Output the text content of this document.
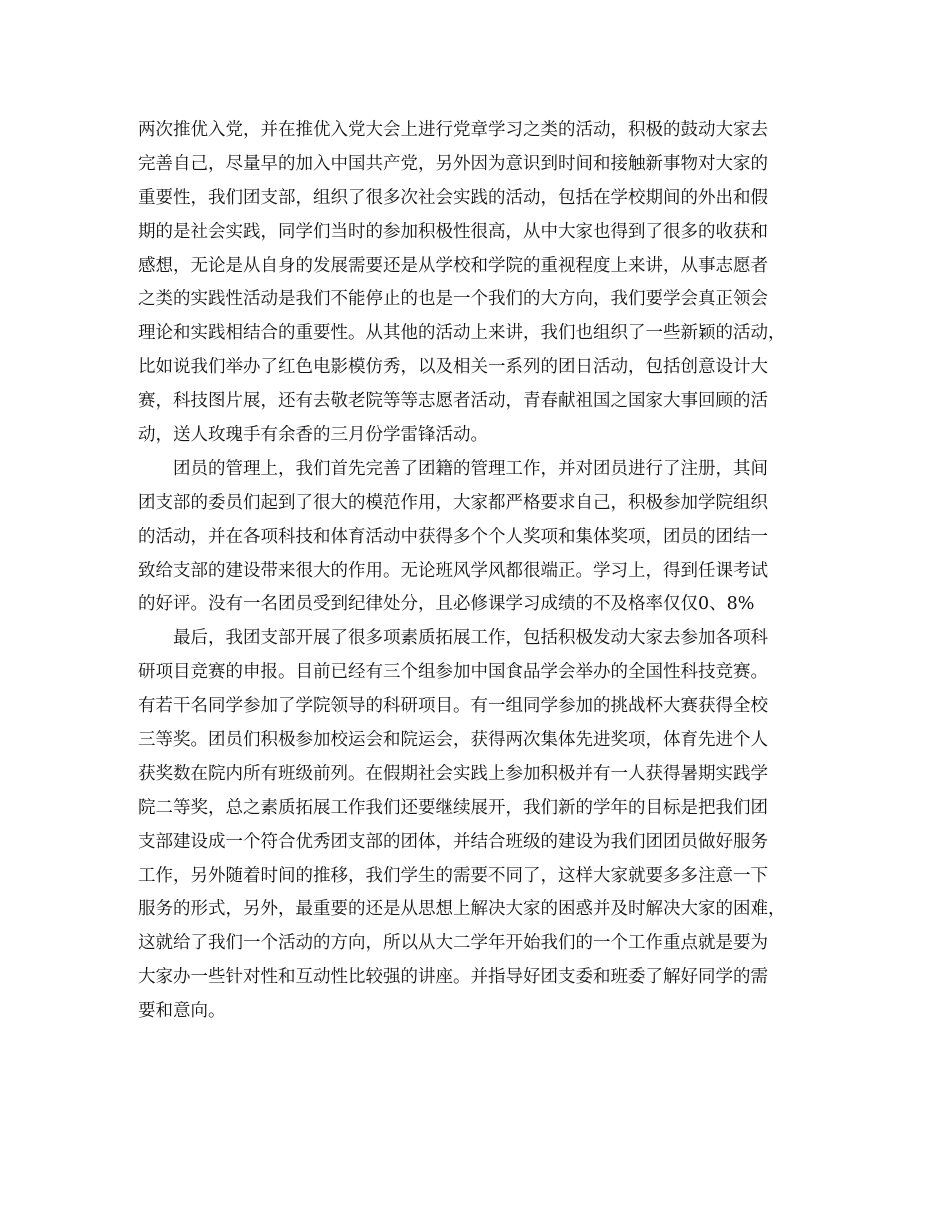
两次推优入党，并在推优入党大会上进行党章学习之类的活动，积极的鼓动大家去
完善自己，尽量早的加入中国共产党，另外因为意识到时间和接触新事物对大家的
重要性，我们团支部，组织了很多次社会实践的活动，包括在学校期间的外出和假
期的是社会实践，同学们当时的参加积极性很高，从中大家也得到了很多的收获和
感想，无论是从自身的发展需要还是从学校和学院的重视程度上来讲，从事志愿者
之类的实践性活动是我们不能停止的也是一个我们的大方向，我们要学会真正领会
理论和实践相结合的重要性。从其他的活动上来讲，我们也组织了一些新颖的活动，
比如说我们举办了红色电影模仿秀，以及相关一系列的团日活动，包括创意设计大
赛，科技图片展，还有去敬老院等等志愿者活动，青春献祖国之国家大事回顾的活
动，送人玫瑰手有余香的三月份学雷锋活动。
团员的管理上，我们首先完善了团籍的管理工作，并对团员进行了注册，其间
团支部的委员们起到了很大的模范作用，大家都严格要求自己，积极参加学院组织
的活动，并在各项科技和体育活动中获得多个个人奖项和集体奖项，团员的团结一
致给支部的建设带来很大的作用。无论班风学风都很端正。学习上，得到任课考试
的好评。没有一名团员受到纪律处分，且必修课学习成绩的不及格率仅仅0、8%
最后，我团支部开展了很多项素质拓展工作，包括积极发动大家去参加各项科
研项目竞赛的申报。目前已经有三个组参加中国食品学会举办的全国性科技竞赛。
有若干名同学参加了学院领导的科研项目。有一组同学参加的挑战杯大赛获得全校
三等奖。团员们积极参加校运会和院运会，获得两次集体先进奖项，体育先进个人
获奖数在院内所有班级前列。在假期社会实践上参加积极并有一人获得暑期实践学
院二等奖，总之素质拓展工作我们还要继续展开，我们新的学年的目标是把我们团
支部建设成一个符合优秀团支部的团体，并结合班级的建设为我们团团员做好服务
工作，另外随着时间的推移，我们学生的需要不同了，这样大家就要多多注意一下
服务的形式，另外，最重要的还是从思想上解决大家的困惑并及时解决大家的困难，
这就给了我们一个活动的方向，所以从大二学年开始我们的一个工作重点就是要为
大家办一些针对性和互动性比较强的讲座。并指导好团支委和班委了解好同学的需
要和意向。
